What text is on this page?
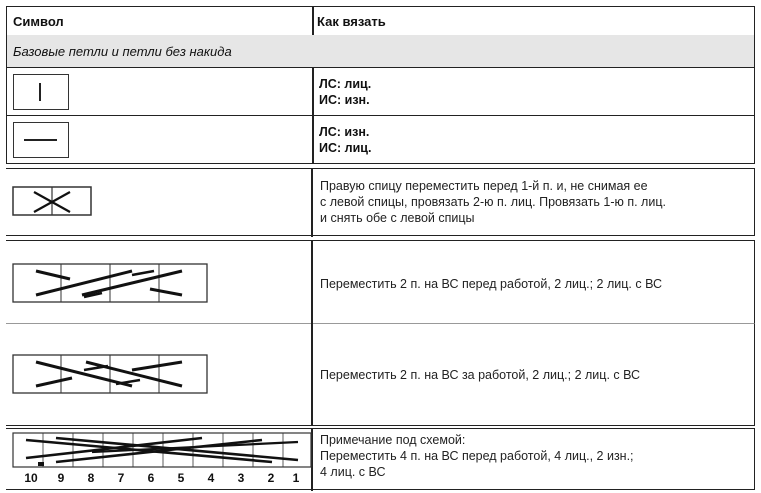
Символ	Как вязать
Базовые петли и петли без накида
ЛС: лиц.
ИС: изн.
ЛС: изн.
ИС: лиц.
Правую спицу переместить перед 1-й п. и, не снимая ее
с левой спицы, провязать 2-ю п. лиц. Провязать 1-ю п. лиц.
и снять обе с левой спицы
Переместить 2 п. на ВС перед работой, 2 лиц.; 2 лиц. с ВС
Переместить 2 п. на ВС за работой, 2 лиц.; 2 лиц. с ВС
10	9	8	7	6	5	4	3	2	1
Примечание под схемой:
Переместить 4 п. на ВС перед работой, 4 лиц., 2 изн.;
4 лиц. с ВС
